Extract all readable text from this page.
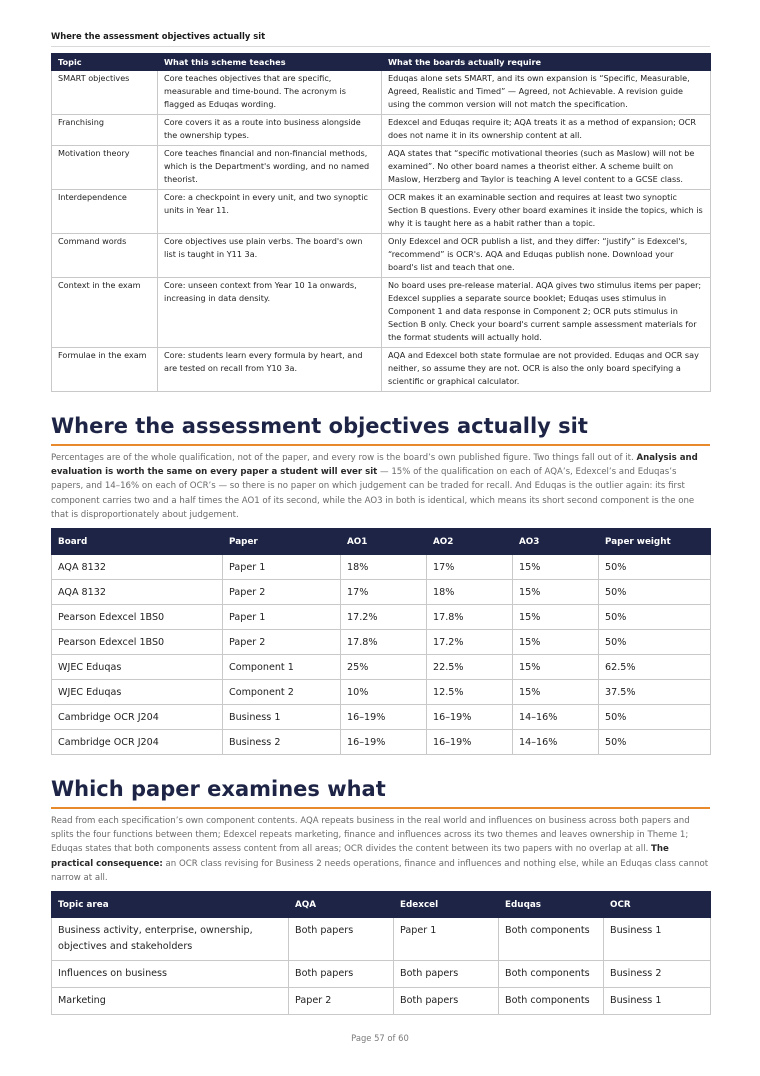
Where the assessment objectives actually sit
Topic	What this scheme teaches	What the boards actually require
SMART objectives	Core teaches objectives that are specific, measurable and time-bound. The acronym is flagged as Eduqas wording.	Eduqas alone sets SMART, and its own expansion is “Specific, Measurable, Agreed, Realistic and Timed” — Agreed, not Achievable. A revision guide using the common version will not match the specification.
Franchising	Core covers it as a route into business alongside the ownership types.	Edexcel and Eduqas require it; AQA treats it as a method of expansion; OCR does not name it in its ownership content at all.
Motivation theory	Core teaches financial and non-financial methods, which is the Department's wording, and no named theorist.	AQA states that “specific motivational theories (such as Maslow) will not be examined”. No other board names a theorist either. A scheme built on Maslow, Herzberg and Taylor is teaching A level content to a GCSE class.
Interdependence	Core: a checkpoint in every unit, and two synoptic units in Year 11.	OCR makes it an examinable section and requires at least two synoptic Section B questions. Every other board examines it inside the topics, which is why it is taught here as a habit rather than a topic.
Command words	Core objectives use plain verbs. The board's own list is taught in Y11 3a.	Only Edexcel and OCR publish a list, and they differ: “justify” is Edexcel's, “recommend” is OCR's. AQA and Eduqas publish none. Download your board's list and teach that one.
Context in the exam	Core: unseen context from Year 10 1a onwards, increasing in data density.	No board uses pre-release material. AQA gives two stimulus items per paper; Edexcel supplies a separate source booklet; Eduqas uses stimulus in Component 1 and data response in Component 2; OCR puts stimulus in Section B only. Check your board's current sample assessment materials for the format students will actually hold.
Formulae in the exam	Core: students learn every formula by heart, and are tested on recall from Y10 3a.	AQA and Edexcel both state formulae are not provided. Eduqas and OCR say neither, so assume they are not. OCR is also the only board specifying a scientific or graphical calculator.
Where the assessment objectives actually sit

Percentages are of the whole qualification, not of the paper, and every row is the board’s own published figure. Two things fall out of it. Analysis and evaluation is worth the same on every paper a student will ever sit — 15% of the qualification on each of AQA’s, Edexcel’s and Eduqas’s papers, and 14–16% on each of OCR’s — so there is no paper on which judgement can be traded for recall. And Eduqas is the outlier again: its first component carries two and a half times the AO1 of its second, while the AO3 in both is identical, which means its short second component is the one that is disproportionately about judgement.

Board	Paper	AO1	AO2	AO3	Paper weight
AQA 8132	Paper 1	18%	17%	15%	50%
AQA 8132	Paper 2	17%	18%	15%	50%
Pearson Edexcel 1BS0	Paper 1	17.2%	17.8%	15%	50%
Pearson Edexcel 1BS0	Paper 2	17.8%	17.2%	15%	50%
WJEC Eduqas	Component 1	25%	22.5%	15%	62.5%
WJEC Eduqas	Component 2	10%	12.5%	15%	37.5%
Cambridge OCR J204	Business 1	16–19%	16–19%	14–16%	50%
Cambridge OCR J204	Business 2	16–19%	16–19%	14–16%	50%
Which paper examines what

Read from each specification’s own component contents. AQA repeats business in the real world and influences on business across both papers and splits the four functions between them; Edexcel repeats marketing, finance and influences across its two themes and leaves ownership in Theme 1; Eduqas states that both components assess content from all areas; OCR divides the content between its two papers with no overlap at all. The practical consequence: an OCR class revising for Business 2 needs operations, finance and influences and nothing else, while an Eduqas class cannot narrow at all.

Topic area	AQA	Edexcel	Eduqas	OCR
Business activity, enterprise, ownership, objectives and stakeholders	Both papers	Paper 1	Both components	Business 1
Influences on business	Both papers	Both papers	Both components	Business 2
Marketing	Paper 2	Both papers	Both components	Business 1
Page 57 of 60
